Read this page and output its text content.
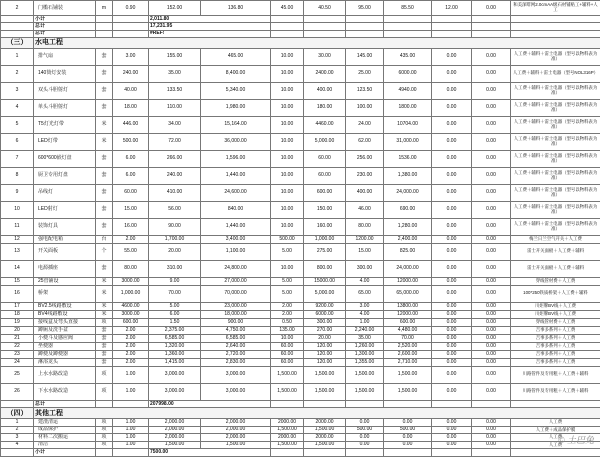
2	门槛石铺装	m	0.90	152.00	136.80	45.00	40.50	95.00	85.50	12.00	0.00	和美深啡网2.0cmAA级石材铺贴工+辅料+人工
	小计			2,011.80								
	总计			17,231.95								
	总计			#REF!								
（三）	水电工程											
1	排气扇	套	3.00	155.00	465.00	10.00	30.00	145.00	435.00	0.00	0.00	人工费＋辅料＋雷士电器（型号以物料表为准）
2	140筒灯安装	套	240.00	35.00	8,400.00	10.00	2400.00	25.00	6000.00	0.00	0.00	人工费＋辅料＋雷士电器（型号NOL316P）
3	双头斗胆射灯	套	40.00	133.50	5,340.00	10.00	400.00	123.50	4940.00	0.00	0.00	人工费＋辅料＋雷士电器（型号以物料表为准）
4	单头斗胆射灯	套	18.00	110.00	1,980.00	10.00	180.00	100.00	1800.00	0.00	0.00	人工费＋辅料＋雷士电器（型号以物料表为准）
5	T5灯光灯带	米	446.00	34.00	15,164.00	10.00	4460.00	24.00	10704.00	0.00	0.00	人工费＋辅料＋雷士电器（型号以物料表为准）
6	LED灯带	米	500.00	72.00	36,000.00	10.00	5,000.00	62.00	31,000.00	0.00	0.00	人工费＋辅料＋雷士电器（型号以物料表为准）
7	600*600嵌灯盘	套	6.00	266.00	1,596.00	10.00	60.00	256.00	1536.00	0.00	0.00	人工费＋辅料＋雷士电器（型号以物料表为准）
8	厨卫专用灯盘	套	6.00	240.00	1,440.00	10.00	60.00	230.00	1,380.00	0.00	0.00	人工费＋辅料＋雷士电器（型号以物料表为准）
9	吊线灯	套	60.00	410.00	24,600.00	10.00	600.00	400.00	24,000.00	0.00	0.00	人工费＋辅料＋雷士电器（型号以物料表为准）
10	LED射灯	套	15.00	56.00	840.00	10.00	150.00	46.00	690.00	0.00	0.00	人工费＋辅料＋雷士电器（型号以物料表为准）
11	装饰灯具	套	16.00	90.00	1,440.00	10.00	160.00	80.00	1,280.00	0.00	0.00	人工费＋辅料＋雷士电器（型号以物料表为准）
12	强电配电箱	台	2.00	1,700.00	3,400.00	500.00	1,000.00	1200.00	2,400.00	0.00	0.00	梅兰日兰空气开关＋人工费
13	开关面板	个	55.00	20.00	1,100.00	5.00	275.00	15.00	825.00	0.00	0.00	雷士开关面板＋人工费＋辅料
14	电源插座	套	80.00	310.00	24,800.00	10.00	800.00	300.00	24,000.00	0.00	0.00	雷士开关面板＋人工费＋辅料
15	25管铺设	米	3000.00	9.00	27,000.00	5.00	15000.00	4.00	12000.00	0.00	0.00	穿线管材费＋人工费
16	桥架	米	1,000.00	70.00	70,000.00	5.00	5,000.00	65.00	65,000.00	0.00	0.00	100*250铁质桥架＋人工费＋辅料
17	BV2.5线路敷设	米	4600.00	5.00	23,000.00	2.00	9200.00	3.00	13800.00	0.00	0.00	川炬牌BV线＋人工费
18	BV4线路敷设	米	3000.00	6.00	18,000.00	2.00	6000.00	4.00	12000.00	0.00	0.00	川炬牌BV线＋人工费
19	接线盒及弯头直接	项	600.00	1.50	900.00	0.50	300.00	1.00	600.00	0.00	0.00	穿线管材费＋人工费
20	蹲厕及洗手盆	套	2.00	2,375.00	4,750.00	135.00	270.00	2,240.00	4,480.00	0.00	0.00	吉事多系列＋人工费
21	小便斗及感应阀	套	2.00	6,585.00	6,585.00	10.00	20.00	35.00	70.00	0.00	0.00	吉事多系列＋人工费
22	坐便器	套	2.00	1,320.00	2,640.00	60.00	120.00	1,260.00	2,520.00	0.00	0.00	吉事多系列＋人工费
23	蹲便及蹲便器	套	2.00	1,360.00	2,720.00	60.00	120.00	1,300.00	2,600.00	0.00	0.00	吉事多系列＋人工费
24	淋浴龙头	套	2.00	1,415.00	2,830.00	60.00	120.00	1,355.00	2,710.00	0.00	0.00	吉事多系列＋人工费
25	上水水路改造	项	1.00	3,000.00	3,000.00	1,500.00	1,500.00	1,500.00	1,500.00	0.00	0.00	川路管件及专用粗＋人工费＋辅料
26	下水水路改造	项	1.00	3,000.00	3,000.00	1,500.00	1,500.00	1,500.00	1,500.00	0.00	0.00	川路管件及专用粗＋人工费＋辅料
	总计			207998.00								
（四）	其他工程											
1	建渣清运	项	1.00	2,000.00	2,000.00	2000.00	2000.00	0.00	0.00	0.00	0.00	人工费
2	成品保护	项	1.00	2,000.00	2,000.00	1,500.00	1,500.00	500.00	500.00	0.00	0.00	人工费＋成品保护膜
3	材料二次搬运	项	1.00	2,000.00	2,000.00	2000.00	2000.00	0.00	0.00	0.00	0.00	人工费
4	清洁	项	1.00	1,500.00	1,500.00	1,500.00	1,500.00	0.00	0.00	0.00	0.00	人工费
	小计			7500.00								
© 土巴兔
